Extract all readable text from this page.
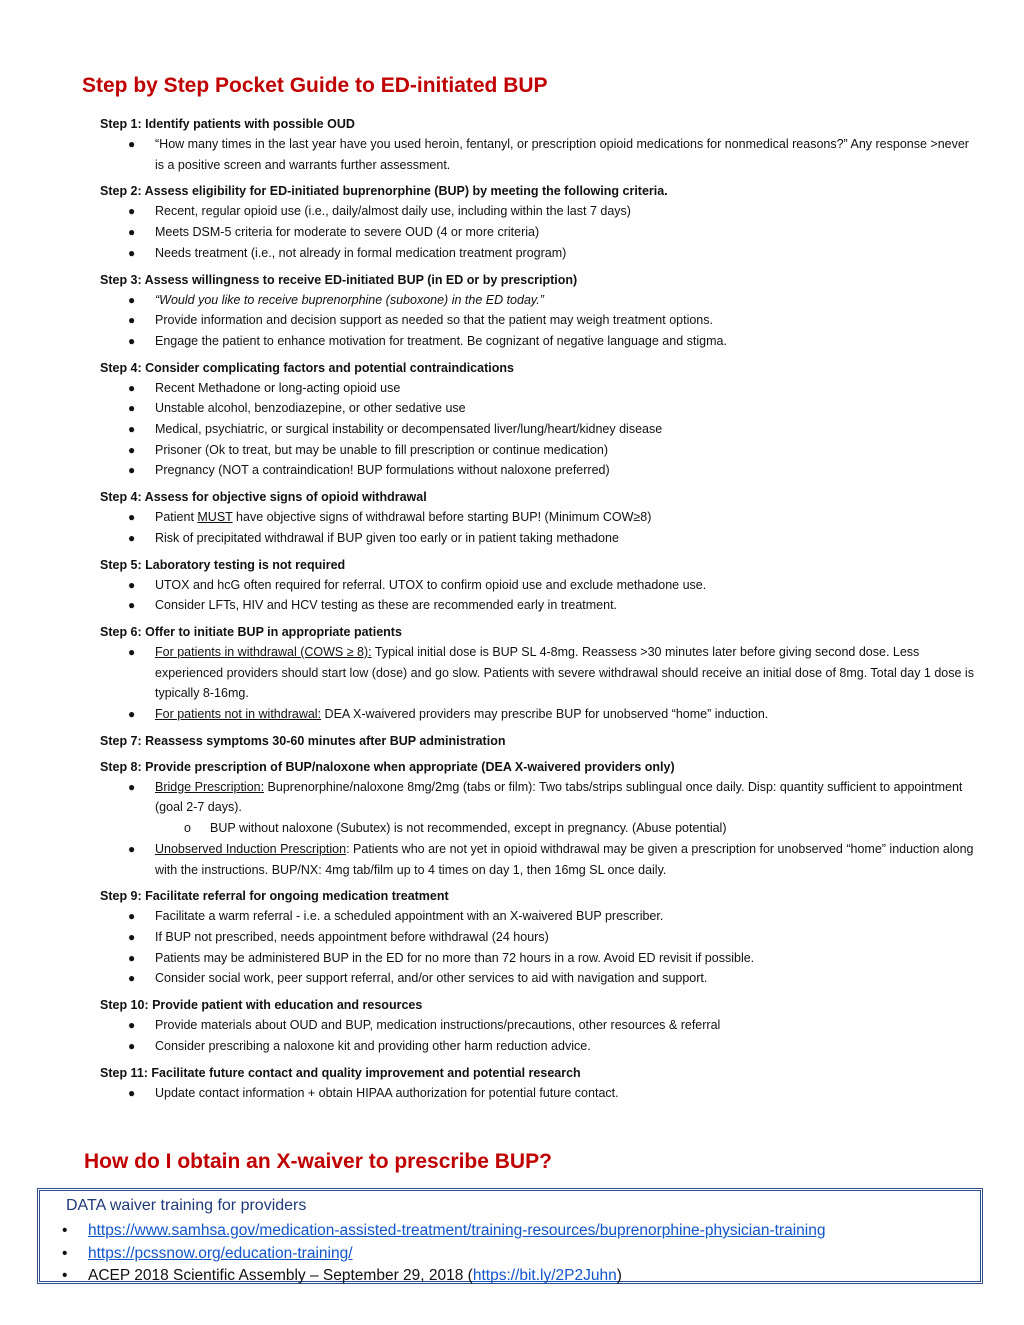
Step by Step Pocket Guide to ED-initiated BUP
Step 1: Identify patients with possible OUD
● “How many times in the last year have you used heroin, fentanyl, or prescription opioid medications for nonmedical reasons?” Any response >never is a positive screen and warrants further assessment.
Step 2: Assess eligibility for ED-initiated buprenorphine (BUP) by meeting the following criteria.
● Recent, regular opioid use (i.e., daily/almost daily use, including within the last 7 days)
● Meets DSM-5 criteria for moderate to severe OUD (4 or more criteria)
● Needs treatment (i.e., not already in formal medication treatment program)
Step 3: Assess willingness to receive ED-initiated BUP (in ED or by prescription)
● “Would you like to receive buprenorphine (suboxone) in the ED today.”
● Provide information and decision support as needed so that the patient may weigh treatment options.
● Engage the patient to enhance motivation for treatment. Be cognizant of negative language and stigma.
Step 4: Consider complicating factors and potential contraindications
● Recent Methadone or long-acting opioid use
● Unstable alcohol, benzodiazepine, or other sedative use
● Medical, psychiatric, or surgical instability or decompensated liver/lung/heart/kidney disease
● Prisoner (Ok to treat, but may be unable to fill prescription or continue medication)
● Pregnancy (NOT a contraindication! BUP formulations without naloxone preferred)
Step 4: Assess for objective signs of opioid withdrawal
● Patient MUST have objective signs of withdrawal before starting BUP! (Minimum COW≥8)
● Risk of precipitated withdrawal if BUP given too early or in patient taking methadone
Step 5: Laboratory testing is not required
● UTOX and hcG often required for referral. UTOX to confirm opioid use and exclude methadone use.
● Consider LFTs, HIV and HCV testing as these are recommended early in treatment.
Step 6: Offer to initiate BUP in appropriate patients
● For patients in withdrawal (COWS ≥ 8): Typical initial dose is BUP SL 4-8mg. Reassess >30 minutes later before giving second dose. Less experienced providers should start low (dose) and go slow. Patients with severe withdrawal should receive an initial dose of 8mg. Total day 1 dose is typically 8-16mg.
● For patients not in withdrawal: DEA X-waivered providers may prescribe BUP for unobserved “home” induction.
Step 7: Reassess symptoms 30-60 minutes after BUP administration
Step 8: Provide prescription of BUP/naloxone when appropriate (DEA X-waivered providers only)
● Bridge Prescription: Buprenorphine/naloxone 8mg/2mg (tabs or film): Two tabs/strips sublingual once daily. Disp: quantity sufficient to appointment (goal 2-7 days).
o BUP without naloxone (Subutex) is not recommended, except in pregnancy. (Abuse potential)
● Unobserved Induction Prescription: Patients who are not yet in opioid withdrawal may be given a prescription for unobserved “home” induction along with the instructions. BUP/NX: 4mg tab/film up to 4 times on day 1, then 16mg SL once daily.
Step 9: Facilitate referral for ongoing medication treatment
● Facilitate a warm referral - i.e. a scheduled appointment with an X-waivered BUP prescriber.
● If BUP not prescribed, needs appointment before withdrawal (24 hours)
● Patients may be administered BUP in the ED for no more than 72 hours in a row. Avoid ED revisit if possible.
● Consider social work, peer support referral, and/or other services to aid with navigation and support.
Step 10: Provide patient with education and resources
● Provide materials about OUD and BUP, medication instructions/precautions, other resources & referral
● Consider prescribing a naloxone kit and providing other harm reduction advice.
Step 11: Facilitate future contact and quality improvement and potential research
● Update contact information + obtain HIPAA authorization for potential future contact.
How do I obtain an X-waiver to prescribe BUP?
DATA waiver training for providers
• https://www.samhsa.gov/medication-assisted-treatment/training-resources/buprenorphine-physician-training
• https://pcssnow.org/education-training/
• ACEP 2018 Scientific Assembly – September 29, 2018 (https://bit.ly/2P2Juhn)
